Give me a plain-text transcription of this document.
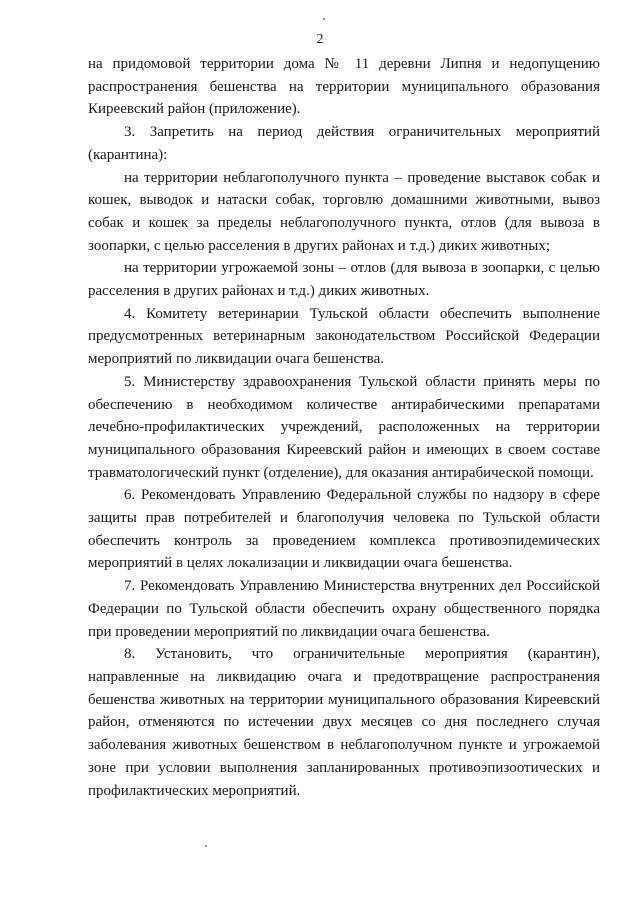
2

на придомовой территории дома № 11 деревни Липня и недопущению распространения бешенства на территории муниципального образования Киреевский район (приложение).

3. Запретить на период действия ограничительных мероприятий (карантина):

на территории неблагополучного пункта – проведение выставок собак и кошек, выводок и натаски собак, торговлю домашними животными, вывоз собак и кошек за пределы неблагополучного пункта, отлов (для вывоза в зоопарки, с целью расселения в других районах и т.д.) диких животных;

на территории угрожаемой зоны – отлов (для вывоза в зоопарки, с целью расселения в других районах и т.д.) диких животных.

4. Комитету ветеринарии Тульской области обеспечить выполнение предусмотренных ветеринарным законодательством Российской Федерации мероприятий по ликвидации очага бешенства.

5. Министерству здравоохранения Тульской области принять меры по обеспечению в необходимом количестве антирабическими препаратами лечебно-профилактических учреждений, расположенных на территории муниципального образования Киреевский район и имеющих в своем составе травматологический пункт (отделение), для оказания антирабической помощи.

6. Рекомендовать Управлению Федеральной службы по надзору в сфере защиты прав потребителей и благополучия человека по Тульской области обеспечить контроль за проведением комплекса противоэпидемических мероприятий в целях локализации и ликвидации очага бешенства.

7. Рекомендовать Управлению Министерства внутренних дел Российской Федерации по Тульской области обеспечить охрану общественного порядка при проведении мероприятий по ликвидации очага бешенства.

8. Установить, что ограничительные мероприятия (карантин), направленные на ликвидацию очага и предотвращение распространения бешенства животных на территории муниципального образования Киреевский район, отменяются по истечении двух месяцев со дня последнего случая заболевания животных бешенством в неблагополучном пункте и угрожаемой зоне при условии выполнения запланированных противоэпизоотических и профилактических мероприятий.
